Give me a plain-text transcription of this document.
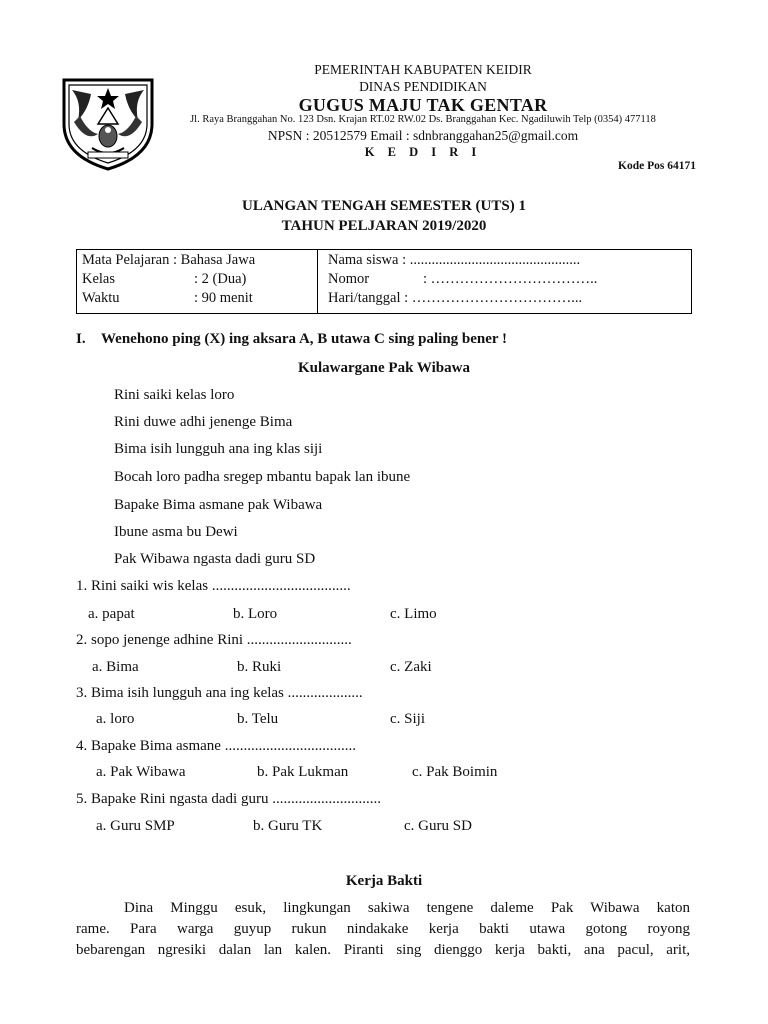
PEMERINTAH KABUPATEN KEIDIR
DINAS PENDIDIKAN
GUGUS MAJU TAK GENTAR
Jl. Raya Branggahan No. 123 Dsn. Krajan RT.02 RW.02 Ds. Branggahan Kec. Ngadiluwih Telp (0354) 477118
NPSN : 20512579 Email : sdnbranggahan25@gmail.com
K E D I R I
Kode Pos 64171
ULANGAN TENGAH SEMESTER (UTS) 1
TAHUN PELJARAN 2019/2020
Mata Pelajaran : Bahasa Jawa
Kelas	: 2 (Dua)
Waktu	: 90 menit
Nama siswa : ...............................................
Nomor	: ……………………………..
Hari/tanggal : ……………………………...
I. Wenehono ping (X) ing aksara A, B utawa C sing paling bener !
Kulawargane Pak Wibawa
Rini saiki kelas loro
Rini duwe adhi jenenge Bima
Bima isih lungguh ana ing klas siji
Bocah loro padha sregep mbantu bapak lan ibune
Bapake Bima asmane pak Wibawa
Ibune asma bu Dewi
Pak Wibawa ngasta dadi guru SD
1. Rini saiki wis kelas .....................................
a. papat	b. Loro	c. Limo
2. sopo jenenge adhine Rini ............................
a. Bima	b. Ruki	c. Zaki
3. Bima isih lungguh ana ing kelas ....................
a. loro	b. Telu	c. Siji
4. Bapake Bima asmane ...................................
a. Pak Wibawa	b. Pak Lukman	c. Pak Boimin
5. Bapake Rini ngasta dadi guru .............................
a. Guru SMP	b. Guru TK	c. Guru SD
Kerja Bakti
Dina Minggu esuk, lingkungan sakiwa tengene daleme Pak Wibawa katon
rame. Para warga guyup rukun nindakake kerja bakti utawa gotong royong
bebarengan ngresiki dalan lan kalen. Piranti sing dienggo kerja bakti, ana pacul, arit,
